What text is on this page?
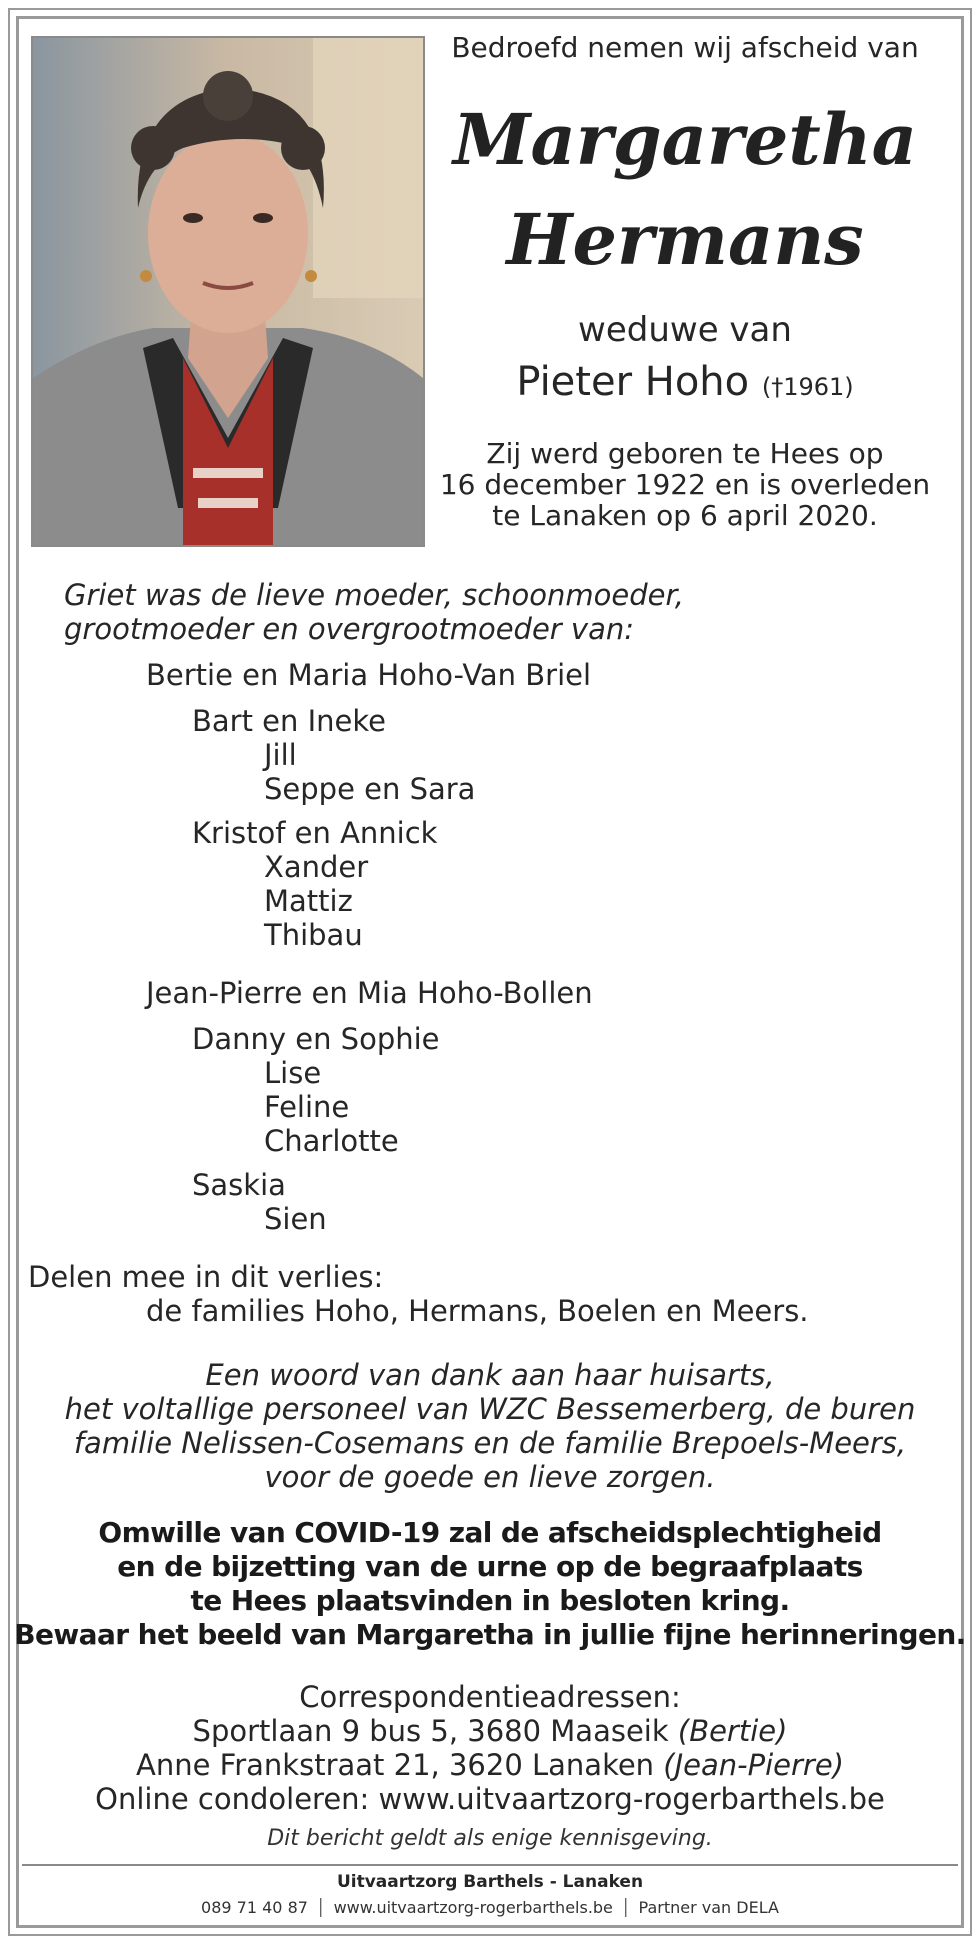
Bedroefd nemen wij afscheid van
Margaretha
Hermans
weduwe van
Pieter Hoho (†1961)
Zij werd geboren te Hees op
16 december 1922 en is overleden
te Lanaken op 6 april 2020.
Griet was de lieve moeder, schoonmoeder,
grootmoeder en overgrootmoeder van:
Bertie en Maria Hoho-Van Briel
Bart en Ineke
Jill
Seppe en Sara
Kristof en Annick
Xander
Mattiz
Thibau
Jean-Pierre en Mia Hoho-Bollen
Danny en Sophie
Lise
Feline
Charlotte
Saskia
Sien
Delen mee in dit verlies:
de families Hoho, Hermans, Boelen en Meers.
Een woord van dank aan haar huisarts,
het voltallige personeel van WZC Bessemerberg, de buren
familie Nelissen-Cosemans en de familie Brepoels-Meers,
voor de goede en lieve zorgen.
Omwille van COVID-19 zal de afscheidsplechtigheid
en de bijzetting van de urne op de begraafplaats
te Hees plaatsvinden in besloten kring.
Bewaar het beeld van Margaretha in jullie fijne herinneringen.
Correspondentieadressen:
Sportlaan 9 bus 5, 3680 Maaseik (Bertie)
Anne Frankstraat 21, 3620 Lanaken (Jean-Pierre)
Online condoleren: www.uitvaartzorg-rogerbarthels.be
Dit bericht geldt als enige kennisgeving.
Uitvaartzorg Barthels - Lanaken
089 71 40 87 │ www.uitvaartzorg-rogerbarthels.be │ Partner van DELA
